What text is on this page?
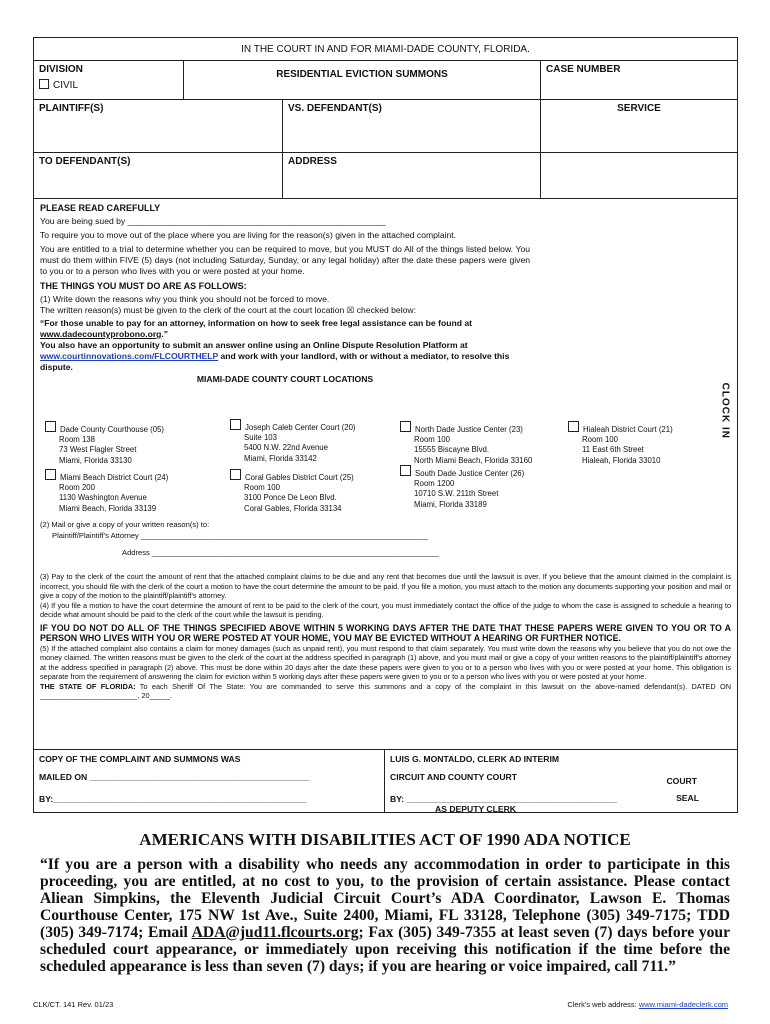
IN THE COURT IN AND FOR MIAMI-DADE COUNTY, FLORIDA.
DIVISION
CIVIL
RESIDENTIAL EVICTION SUMMONS	CASE NUMBER
PLAINTIFF(S)	VS. DEFENDANT(S)	SERVICE
TO DEFENDANT(S)	ADDRESS
CLOCK IN
PLEASE READ CAREFULLY

You are being sued by ______________________________________________________

To require you to move out of the place where you are living for the reason(s) given in the attached complaint.

You are entitled to a trial to determine whether you can be required to move, but you MUST do All of the things listed below. You must do them within FIVE (5) days (not including Saturday, Sunday, or any legal holiday) after the date these papers were given to you or to a person who lives with you or were posted at your home.

THE THINGS YOU MUST DO ARE AS FOLLOWS:

(1) Write down the reasons why you think you should not be forced to move.

The written reason(s) must be given to the clerk of the court at the court location ☒ checked below:

“For those unable to pay for an attorney, information on how to seek free legal assistance can be found at www.dadecountyprobono.org.”

You also have an opportunity to submit an answer online using an Online Dispute Resolution Platform at www.courtinnovations.com/FLCOURTHELP and work with your landlord, with or without a mediator, to resolve this dispute.

MIAMI-DADE COUNTY COURT LOCATIONS
Dade County Courthouse (05)
Room 138
73 West Flagler Street
Miami, Florida 33130
Joseph Caleb Center Court (20)
Suite 103
5400 N.W. 22nd Avenue
Miami, Florida 33142
North Dade Justice Center (23)
Room 100
15555 Biscayne Blvd.
North Miami Beach, Florida 33160
Hialeah District Court (21)
Room 100
11 East 6th Street
Hialeah, Florida 33010
Miami Beach District Court (24)
Room 200
1130 Washington Avenue
Miami Beach, Florida 33139
Coral Gables District Court (25)
Room 100
3100 Ponce De Leon Blvd.
Coral Gables, Florida 33134
South Dade Justice Center (26)
Room 1200
10710 S.W. 211th Street
Miami, Florida 33189
(2) Mail or give a copy of your written reason(s) to:
Plaintiff/Plaintiff's Attorney ____________________________________________________________________
Address ____________________________________________________________________

(3) Pay to the clerk of the court the amount of rent that the attached complaint claims to be due and any rent that becomes due until the lawsuit is over. If you believe that the amount claimed in the complaint is incorrect, you should file with the clerk of the court a motion to have the court determine the amount to be paid. If you file a motion, you must attach to the motion any documents supporting your position and mail or give a copy of the motion to the plaintiff/plaintiff's attorney.

(4) If you file a motion to have the court determine the amount of rent to be paid to the clerk of the court, you must immediately contact the office of the judge to whom the case is assigned to schedule a hearing to decide what amount should be paid to the clerk of the court while the lawsuit is pending.

IF YOU DO NOT DO ALL OF THE THINGS SPECIFIED ABOVE WITHIN 5 WORKING DAYS AFTER THE DATE THAT THESE PAPERS WERE GIVEN TO YOU OR TO A PERSON WHO LIVES WITH YOU OR WERE POSTED AT YOUR HOME, YOU MAY BE EVICTED WITHOUT A HEARING OR FURTHER NOTICE.

(5) If the attached complaint also contains a claim for money damages (such as unpaid rent), you must respond to that claim separately. You must write down the reasons why you believe that you do not owe the money claimed. The written reasons must be given to the clerk of the court at the address specified in paragraph (1) above, and you must mail or give a copy of your written reasons to the plaintiff/plaintiff's attorney at the address specified in paragraph (2) above. This must be done within 20 days after the date these papers were given to you or to a person who lives with you or were posted at your home. This obligation is separate from the requirement of answering the claim for eviction within 5 working days after these papers were given to you or to a person who lives with you or were posted at your home.

THE STATE OF FLORIDA: To each Sheriff Of The State: You are commanded to serve this summons and a copy of the complaint in this lawsuit on the above-named defendant(s). DATED ON ________________________, 20_____.

COPY OF THE COMPLAINT AND SUMMONS WAS
MAILED ON ______________________________________________
BY:_____________________________________________________
LUIS G. MONTALDO, CLERK AD INTERIM
CIRCUIT AND COUNTY COURT
BY: ____________________________________________
AS DEPUTY CLERK
COURT
SEAL
AMERICANS WITH DISABILITIES ACT OF 1990 ADA NOTICE
“If you are a person with a disability who needs any accommodation in order to participate in this proceeding, you are entitled, at no cost to you, to the provision of certain assistance. Please contact Aliean Simpkins, the Eleventh Judicial Circuit Court’s ADA Coordinator, Lawson E. Thomas Courthouse Center, 175 NW 1st Ave., Suite 2400, Miami, FL 33128, Telephone (305) 349-7175; TDD (305) 349-7174; Email ADA@jud11.flcourts.org; Fax (305) 349-7355 at least seven (7) days before your scheduled court appearance, or immediately upon receiving this notification if the time before the scheduled appearance is less than seven (7) days; if you are hearing or voice impaired, call 711.”
CLK/CT. 141 Rev. 01/23	Clerk's web address: www.miami-dadeclerk.com
